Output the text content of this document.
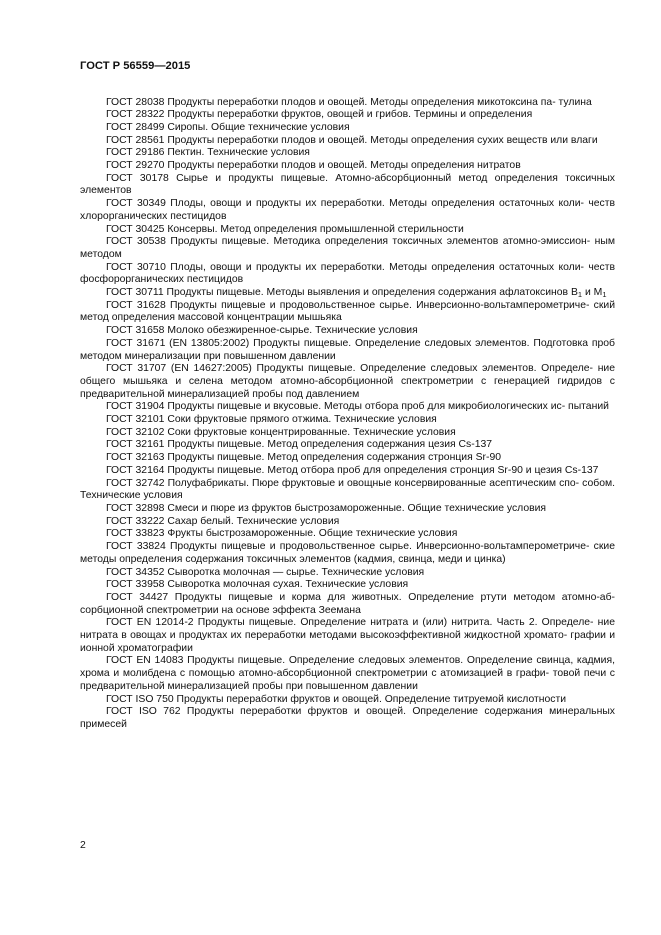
ГОСТ Р 56559—2015

ГОСТ 28038 Продукты переработки плодов и овощей. Методы определения микотоксина па- тулина

ГОСТ 28322 Продукты переработки фруктов, овощей и грибов. Термины и определения

ГОСТ 28499 Сиропы. Общие технические условия

ГОСТ 28561 Продукты переработки плодов и овощей. Методы определения сухих веществ или влаги

ГОСТ 29186 Пектин. Технические условия

ГОСТ 29270 Продукты переработки плодов и овощей. Методы определения нитратов

ГОСТ 30178 Сырье и продукты пищевые. Атомно-абсорбционный метод определения токсичных элементов

ГОСТ 30349 Плоды, овощи и продукты их переработки. Методы определения остаточных коли- честв хлорорганических пестицидов

ГОСТ 30425 Консервы. Метод определения промышленной стерильности

ГОСТ 30538 Продукты пищевые. Методика определения токсичных элементов атомно-эмиссион- ным методом

ГОСТ 30710 Плоды, овощи и продукты их переработки. Методы определения остаточных коли- честв фосфорорганических пестицидов

ГОСТ 30711 Продукты пищевые. Методы выявления и определения содержания афлатоксинов $B_1$ и $M_1$

ГОСТ 31628 Продукты пищевые и продовольственное сырье. Инверсионно-вольтамперометриче- ский метод определения массовой концентрации мышьяка

ГОСТ 31658 Молоко обезжиренное-сырье. Технические условия

ГОСТ 31671 (EN 13805:2002) Продукты пищевые. Определение следовых элементов. Подготовка проб методом минерализации при повышенном давлении

ГОСТ 31707 (EN 14627:2005) Продукты пищевые. Определение следовых элементов. Определе- ние общего мышьяка и селена методом атомно-абсорбционной спектрометрии с генерацией гидридов с предварительной минерализацией пробы под давлением

ГОСТ 31904 Продукты пищевые и вкусовые. Методы отбора проб для микробиологических ис- пытаний

ГОСТ 32101 Соки фруктовые прямого отжима. Технические условия

ГОСТ 32102 Соки фруктовые концентрированные. Технические условия

ГОСТ 32161 Продукты пищевые. Метод определения содержания цезия Cs-137

ГОСТ 32163 Продукты пищевые. Метод определения содержания стронция Sr-90

ГОСТ 32164 Продукты пищевые. Метод отбора проб для определения стронция Sr-90 и цезия Cs-137

ГОСТ 32742 Полуфабрикаты. Пюре фруктовые и овощные консервированные асептическим спо- собом. Технические условия

ГОСТ 32898 Смеси и пюре из фруктов быстрозамороженные. Общие технические условия

ГОСТ 33222 Сахар белый. Технические условия

ГОСТ 33823 Фрукты быстрозамороженные. Общие технические условия

ГОСТ 33824 Продукты пищевые и продовольственное сырье. Инверсионно-вольтамперометриче- ские методы определения содержания токсичных элементов (кадмия, свинца, меди и цинка)

ГОСТ 34352 Сыворотка молочная — сырье. Технические условия

ГОСТ 33958 Сыворотка молочная сухая. Технические условия

ГОСТ 34427 Продукты пищевые и корма для животных. Определение ртути методом атомно-аб- сорбционной спектрометрии на основе эффекта Зеемана

ГОСТ EN 12014-2 Продукты пищевые. Определение нитрата и (или) нитрита. Часть 2. Определе- ние нитрата в овощах и продуктах их переработки методами высокоэффективной жидкостной хромато- графии и ионной хроматографии

ГОСТ EN 14083 Продукты пищевые. Определение следовых элементов. Определение свинца, кадмия, хрома и молибдена с помощью атомно-абсорбционной спектрометрии с атомизацией в графи- товой печи с предварительной минерализацией пробы при повышенном давлении

ГОСТ ISO 750 Продукты переработки фруктов и овощей. Определение титруемой кислотности

ГОСТ ISO 762 Продукты переработки фруктов и овощей. Определение содержания минеральных примесей

2
